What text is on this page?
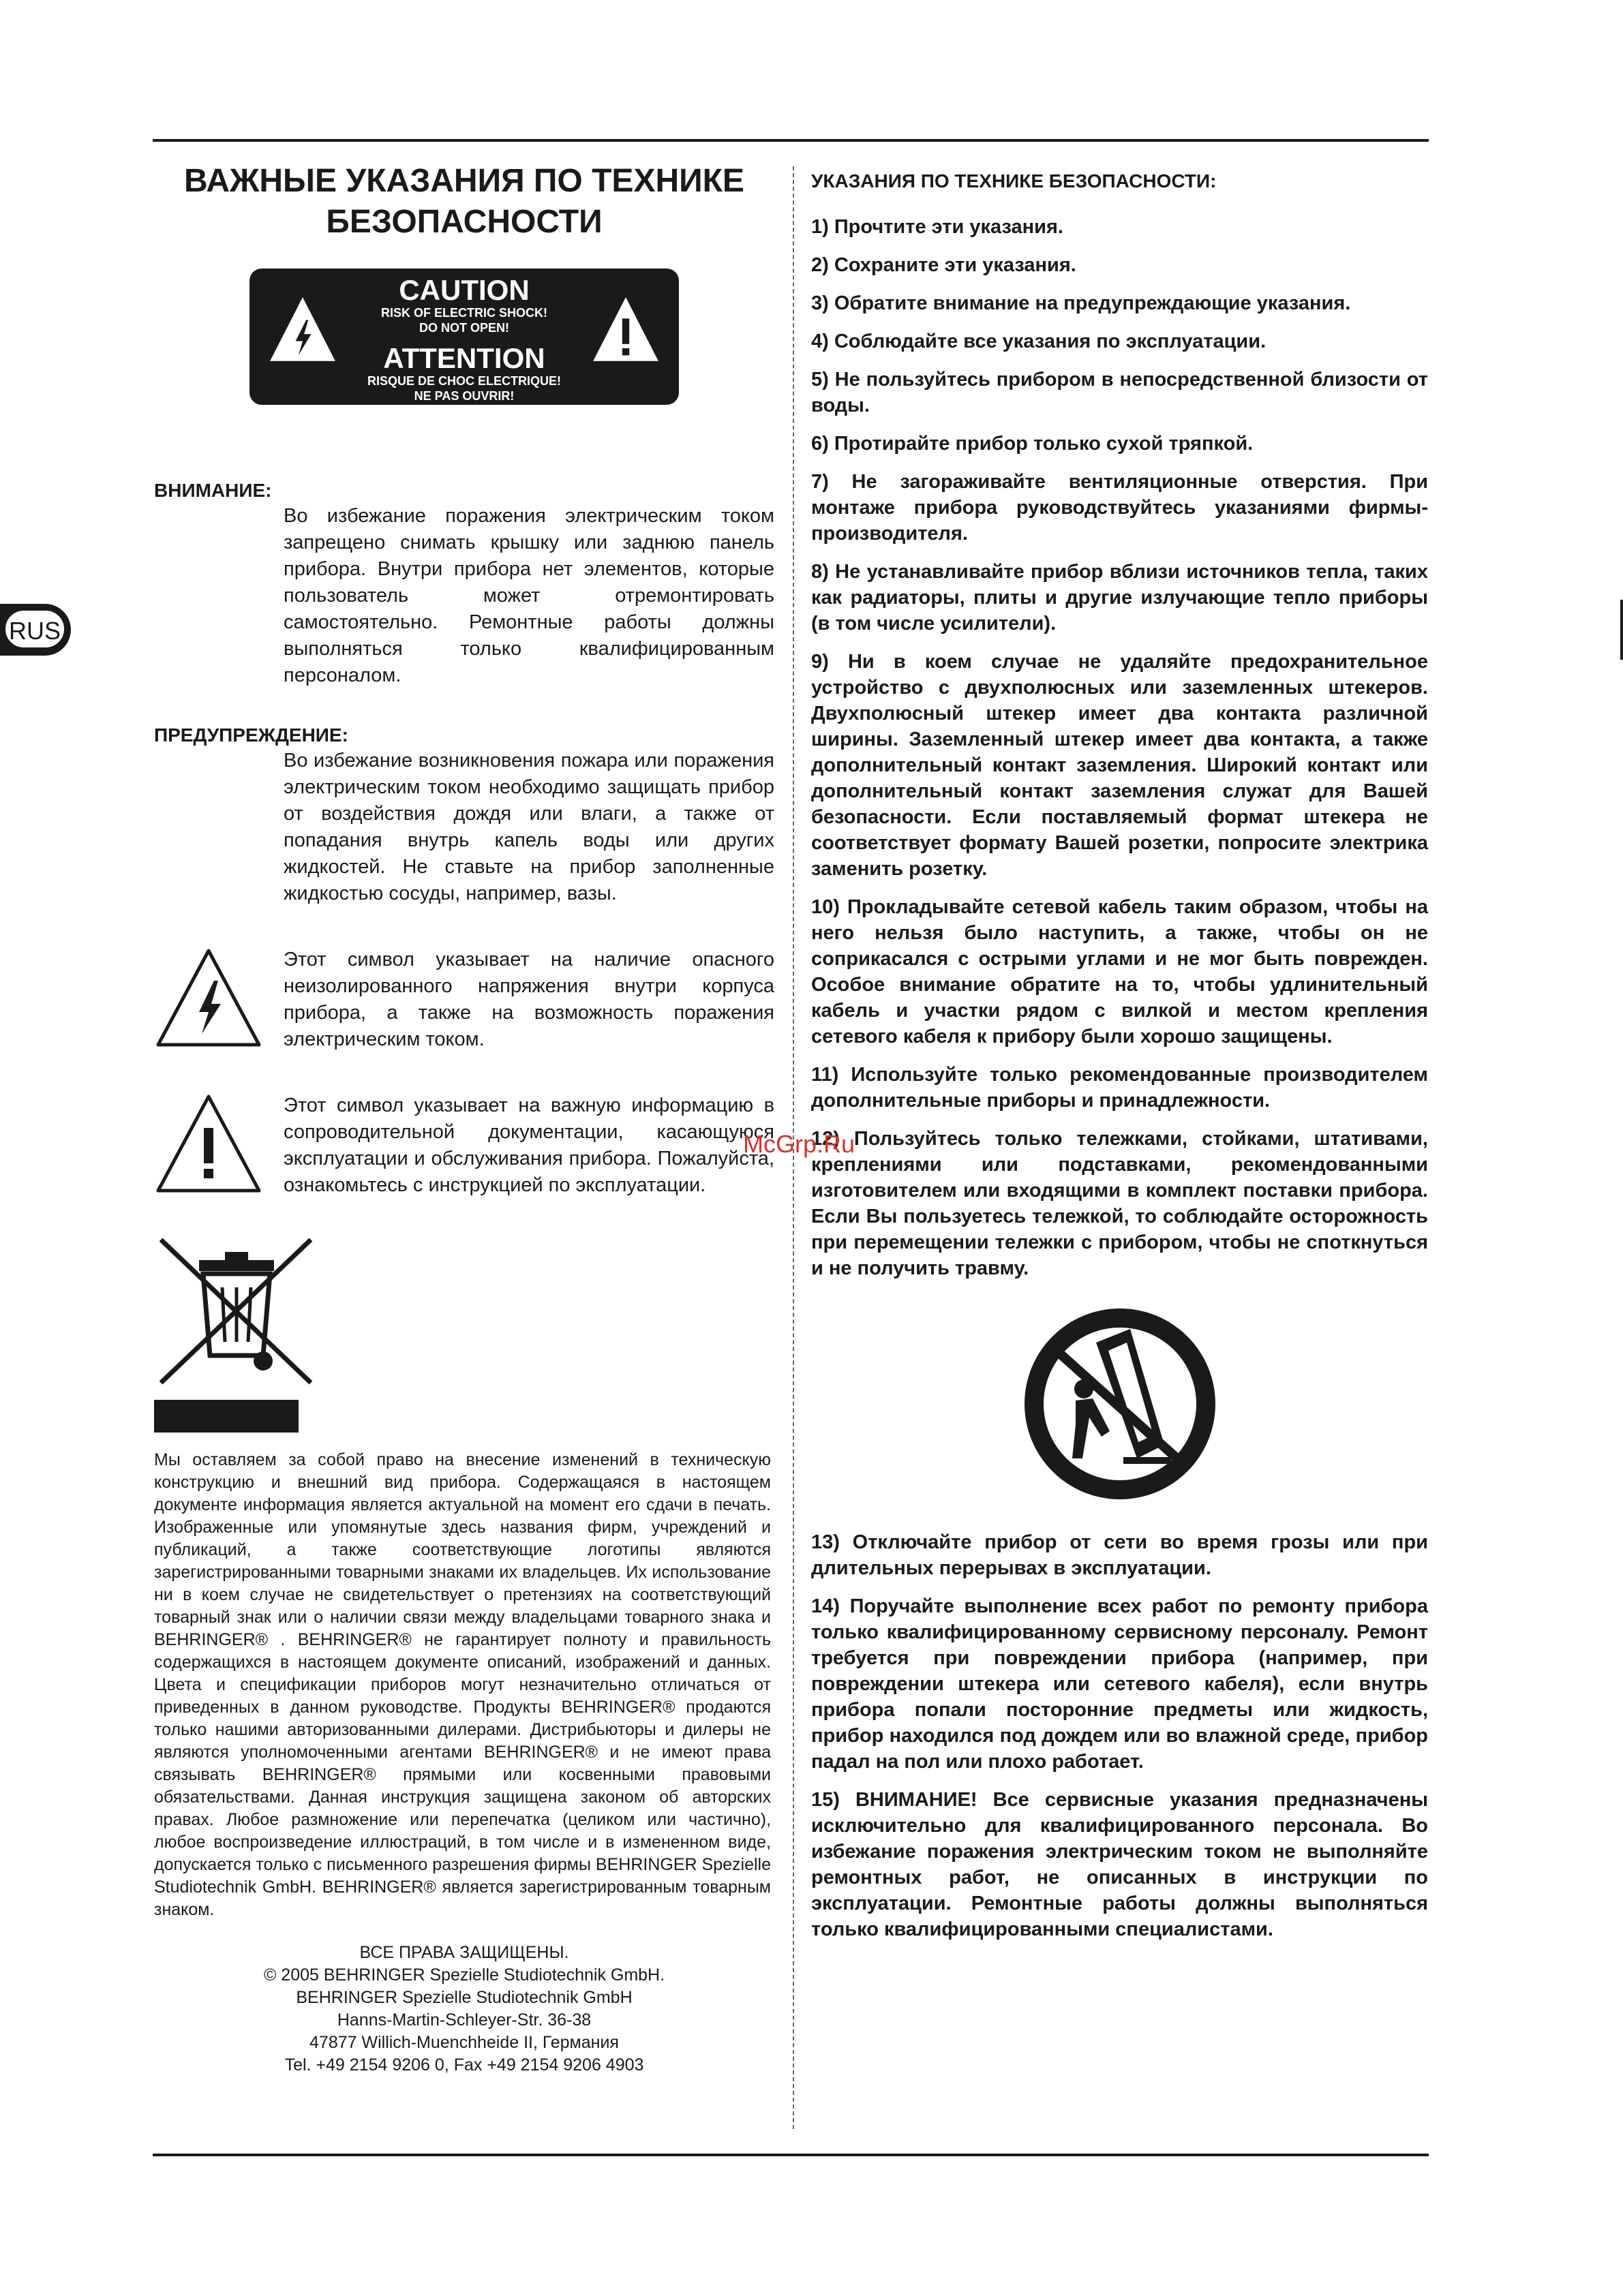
RUS
ВАЖНЫЕ УКАЗАНИЯ ПО ТЕХНИКЕ БЕЗОПАСНОСТИ
CAUTION
RISK OF ELECTRIC SHOCK!
DO NOT OPEN!
ATTENTION
RISQUE DE CHOC ELECTRIQUE!
NE PAS OUVRIR!
ВНИМАНИЕ:
Во избежание поражения электрическим током запрещено снимать крышку или заднюю панель прибора. Внутри прибора нет элементов, которые пользователь может отремонтировать самостоятельно. Ремонтные работы должны выполняться только квалифицированным персоналом.
ПРЕДУПРЕЖДЕНИЕ:
Во избежание возникновения пожара или поражения электрическим током необходимо защищать прибор от воздействия дождя или влаги, а также от попадания внутрь капель воды или других жидкостей. Не ставьте на прибор заполненные жидкостью сосуды, например, вазы.
Этот символ указывает на наличие опасного неизолированного напряжения внутри корпуса прибора, а также на возможность поражения электрическим током.
Этот символ указывает на важную информацию в сопроводительной документации, касающуюся эксплуатации и обслуживания прибора. Пожалуйста, ознакомьтесь с инструкцией по эксплуатации.
Мы оставляем за собой право на внесение изменений в техническую конструкцию и внешний вид прибора. Содержащаяся в настоящем документе информация является актуальной на момент его сдачи в печать. Изображенные или упомянутые здесь названия фирм, учреждений и публикаций, а также соответствующие логотипы являются зарегистрированными товарными знаками их владельцев. Их использование ни в коем случае не свидетельствует о претензиях на соответствующий товарный знак или о наличии связи между владельцами товарного знака и BEHRINGER® . BEHRINGER® не гарантирует полноту и правильность содержащихся в настоящем документе описаний, изображений и данных. Цвета и спецификации приборов могут незначительно отличаться от приведенных в данном руководстве. Продукты BEHRINGER® продаются только нашими авторизованными дилерами. Дистрибьюторы и дилеры не являются уполномоченными агентами BEHRINGER® и не имеют права связывать BEHRINGER® прямыми или косвенными правовыми обязательствами. Данная инструкция защищена законом об авторских правах. Любое размножение или перепечатка (целиком или частично), любое воспроизведение иллюстраций, в том числе и в измененном виде, допускается только с письменного разрешения фирмы BEHRINGER Spezielle Studiotechnik GmbH. BEHRINGER® является зарегистрированным товарным знаком.
ВСЕ ПРАВА ЗАЩИЩЕНЫ.
© 2005 BEHRINGER Spezielle Studiotechnik GmbH.
BEHRINGER Spezielle Studiotechnik GmbH
Hanns-Martin-Schleyer-Str. 36-38
47877 Willich-Muenchheide II, Германия
Tel. +49 2154 9206 0, Fax +49 2154 9206 4903
УКАЗАНИЯ ПО ТЕХНИКЕ БЕЗОПАСНОСТИ:
1) Прочтите эти указания.
2) Сохраните эти указания.
3) Обратите внимание на предупреждающие указания.
4) Соблюдайте все указания по эксплуатации.
5) Не пользуйтесь прибором в непосредственной близости от воды.
6) Протирайте прибор только сухой тряпкой.
7) Не загораживайте вентиляционные отверстия. При монтаже прибора руководствуйтесь указаниями фирмы-производителя.
8) Не устанавливайте прибор вблизи источников тепла, таких как радиаторы, плиты и другие излучающие тепло приборы (в том числе усилители).
9) Ни в коем случае не удаляйте предохранительное устройство с двухполюсных или заземленных штекеров. Двухполюсный штекер имеет два контакта различной ширины. Заземленный штекер имеет два контакта, а также дополнительный контакт заземления. Широкий контакт или дополнительный контакт заземления служат для Вашей безопасности. Если поставляемый формат штекера не соответствует формату Вашей розетки, попросите электрика заменить розетку.
10) Прокладывайте сетевой кабель таким образом, чтобы на него нельзя было наступить, а также, чтобы он не соприкасался с острыми углами и не мог быть поврежден. Особое внимание обратите на то, чтобы удлинительный кабель и участки рядом с вилкой и местом крепления сетевого кабеля к прибору были хорошо защищены.
11) Используйте только рекомендованные производителем дополнительные приборы и принадлежности.
12) Пользуйтесь только тележками, стойками, штативами, креплениями или подставками, рекомендованными изготовителем или входящими в комплект поставки прибора. Если Вы пользуетесь тележкой, то соблюдайте осторожность при перемещении тележки с прибором, чтобы не споткнуться и не получить травму.
13) Отключайте прибор от сети во время грозы или при длительных перерывах в эксплуатации.
14) Поручайте выполнение всех работ по ремонту прибора только квалифицированному сервисному персоналу. Ремонт требуется при повреждении прибора (например, при повреждении штекера или сетевого кабеля), если внутрь прибора попали посторонние предметы или жидкость, прибор находился под дождем или во влажной среде, прибор падал на пол или плохо работает.
15) ВНИМАНИЕ! Все сервисные указания предназначены исключительно для квалифицированного персонала. Во избежание поражения электрическим током не выполняйте ремонтных работ, не описанных в инструкции по эксплуатации. Ремонтные работы должны выполняться только квалифицированными специалистами.
McGrp.Ru
